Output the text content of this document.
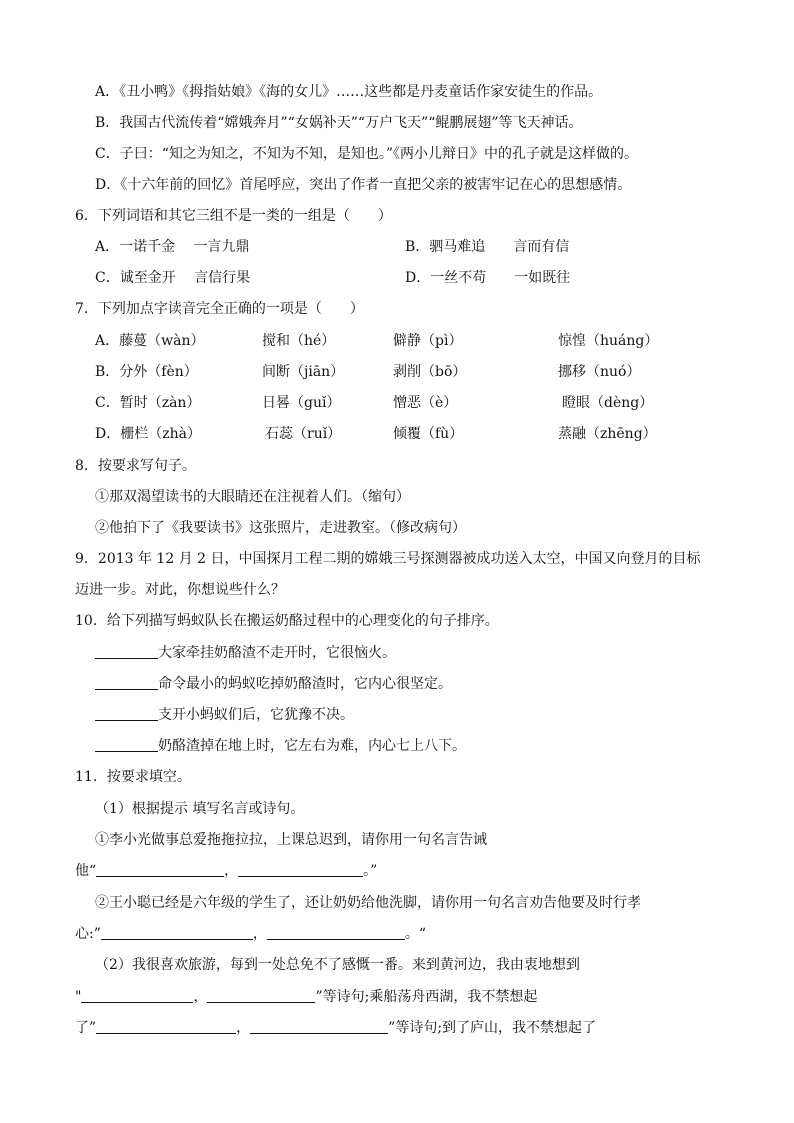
A．《丑小鸭》《拇指姑娘》《海的女儿》……这些都是丹麦童话作家安徒生的作品。
B．我国古代流传着“嫦娥奔月”“女娲补天”“万户飞天”“鲲鹏展翅”等飞天神话。
C．子曰：“知之为知之，不知为不知，是知也。”《两小儿辩日》中的孔子就是这样做的。
D．《十六年前的回忆》首尾呼应，突出了作者一直把父亲的被害牢记在心的思想感情。
6．下列词语和其它三组不是一类的一组是（　　）
A．一诺千金　 一言九鼎	B．驷马难追　　言而有信
C．诚至金开　 言信行果	D．一丝不苟　　一如既往
7．下列加点字读音完全正确的一项是（　　）
A．藤蔓（wàn）	搅和（hé）	僻静（pì）	惊惶（huáng）
B．分外（fèn）	间断（jiān）	剥削（bō）	挪移（nuó）
C．暂时（zàn）	日晷（guǐ）	憎恶（è）	瞪眼（dèng）
D．栅栏（zhà）	石蕊（ruǐ）	倾覆（fù）	蒸融（zhēng）
8．按要求写句子。
①那双渴望读书的大眼睛还在注视着人们。（缩句）
②他拍下了《我要读书》这张照片，走进教室。（修改病句）
9．2013 年 12 月 2 日，中国探月工程二期的嫦娥三号探测器被成功送入太空，中国又向登月的目标
迈进一步。对此，你想说些什么？
10．给下列描写蚂蚁队长在搬运奶酪过程中的心理变化的句子排序。
大家牵挂奶酪渣不走开时，它很恼火。
命令最小的蚂蚁吃掉奶酪渣时，它内心很坚定。
支开小蚂蚁们后，它犹豫不决。
奶酪渣掉在地上时，它左右为难，内心七上八下。
11．按要求填空。
（1）根据提示 填写名言或诗句。
①李小光做事总爱拖拖拉拉，上课总迟到，请你用一句名言告诫
他“	，	。”
②王小聪已经是六年级的学生了，还让奶奶给他洗脚，请你用一句名言劝告他要及时行孝
心:”	，	。“
（2）我很喜欢旅游，每到一处总免不了感慨一番。来到黄河边，我由衷地想到
"	，	”等诗句;乘船荡舟西湖，我不禁想起
了”	，	”等诗句;到了庐山，我不禁想起了
